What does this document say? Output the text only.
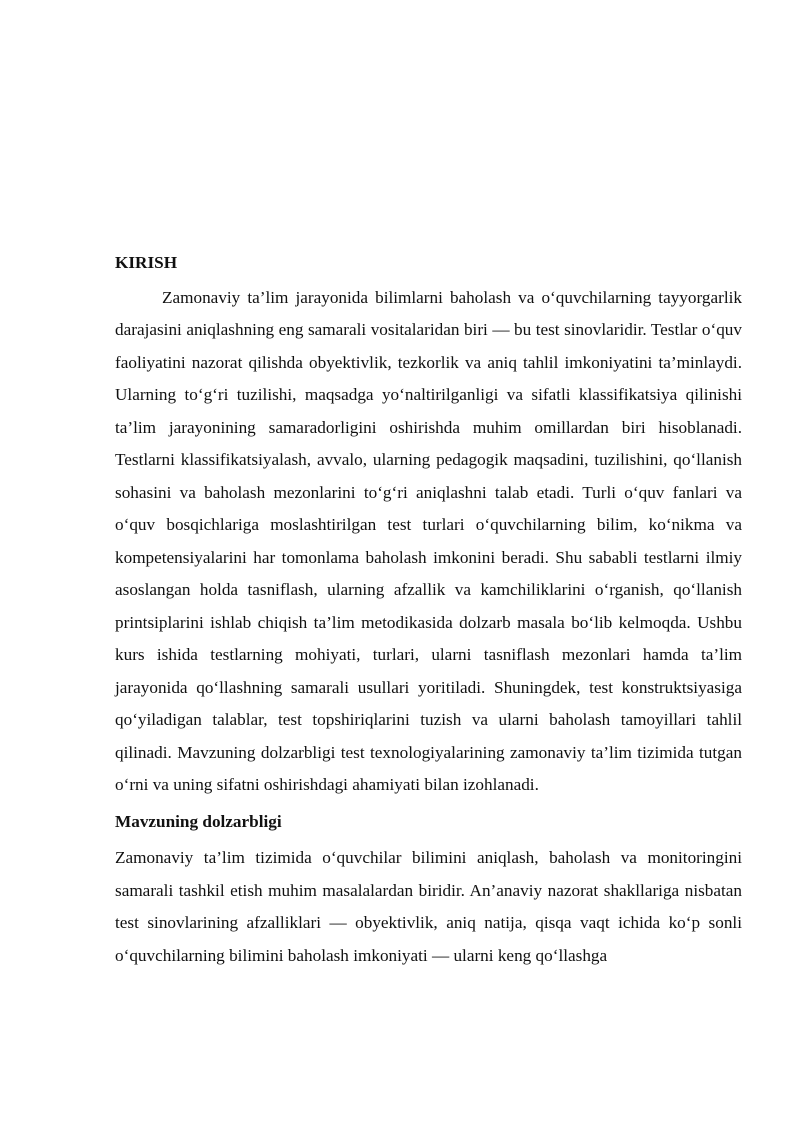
KIRISH

Zamonaviy ta’lim jarayonida bilimlarni baholash va o‘quvchilarning tayyorgarlik darajasini aniqlashning eng samarali vositalaridan biri — bu test sinovlaridir. Testlar o‘quv faoliyatini nazorat qilishda obyektivlik, tezkorlik va aniq tahlil imkoniyatini ta’minlaydi. Ularning to‘g‘ri tuzilishi, maqsadga yo‘naltirilganligi va sifatli klassifikatsiya qilinishi ta’lim jarayonining samaradorligini oshirishda muhim omillardan biri hisoblanadi. Testlarni klassifikatsiyalash, avvalo, ularning pedagogik maqsadini, tuzilishini, qo‘llanish sohasini va baholash mezonlarini to‘g‘ri aniqlashni talab etadi. Turli o‘quv fanlari va o‘quv bosqichlariga moslashtirilgan test turlari o‘quvchilarning bilim, ko‘nikma va kompetensiyalarini har tomonlama baholash imkonini beradi. Shu sababli testlarni ilmiy asoslangan holda tasniflash, ularning afzallik va kamchiliklarini o‘rganish, qo‘llanish printsiplarini ishlab chiqish ta’lim metodikasida dolzarb masala bo‘lib kelmoqda. Ushbu kurs ishida testlarning mohiyati, turlari, ularni tasniflash mezonlari hamda ta’lim jarayonida qo‘llashning samarali usullari yoritiladi. Shuningdek, test konstruktsiyasiga qo‘yiladigan talablar, test topshiriqlarini tuzish va ularni baholash tamoyillari tahlil qilinadi. Mavzuning dolzarbligi test texnologiyalarining zamonaviy ta’lim tizimida tutgan o‘rni va uning sifatni oshirishdagi ahamiyati bilan izohlanadi.

Mavzuning dolzarbligi

Zamonaviy ta’lim tizimida o‘quvchilar bilimini aniqlash, baholash va monitoringini samarali tashkil etish muhim masalalardan biridir. An’anaviy nazorat shakllariga nisbatan test sinovlarining afzalliklari — obyektivlik, aniq natija, qisqa vaqt ichida ko‘p sonli o‘quvchilarning bilimini baholash imkoniyati — ularni keng qo‘llashga
